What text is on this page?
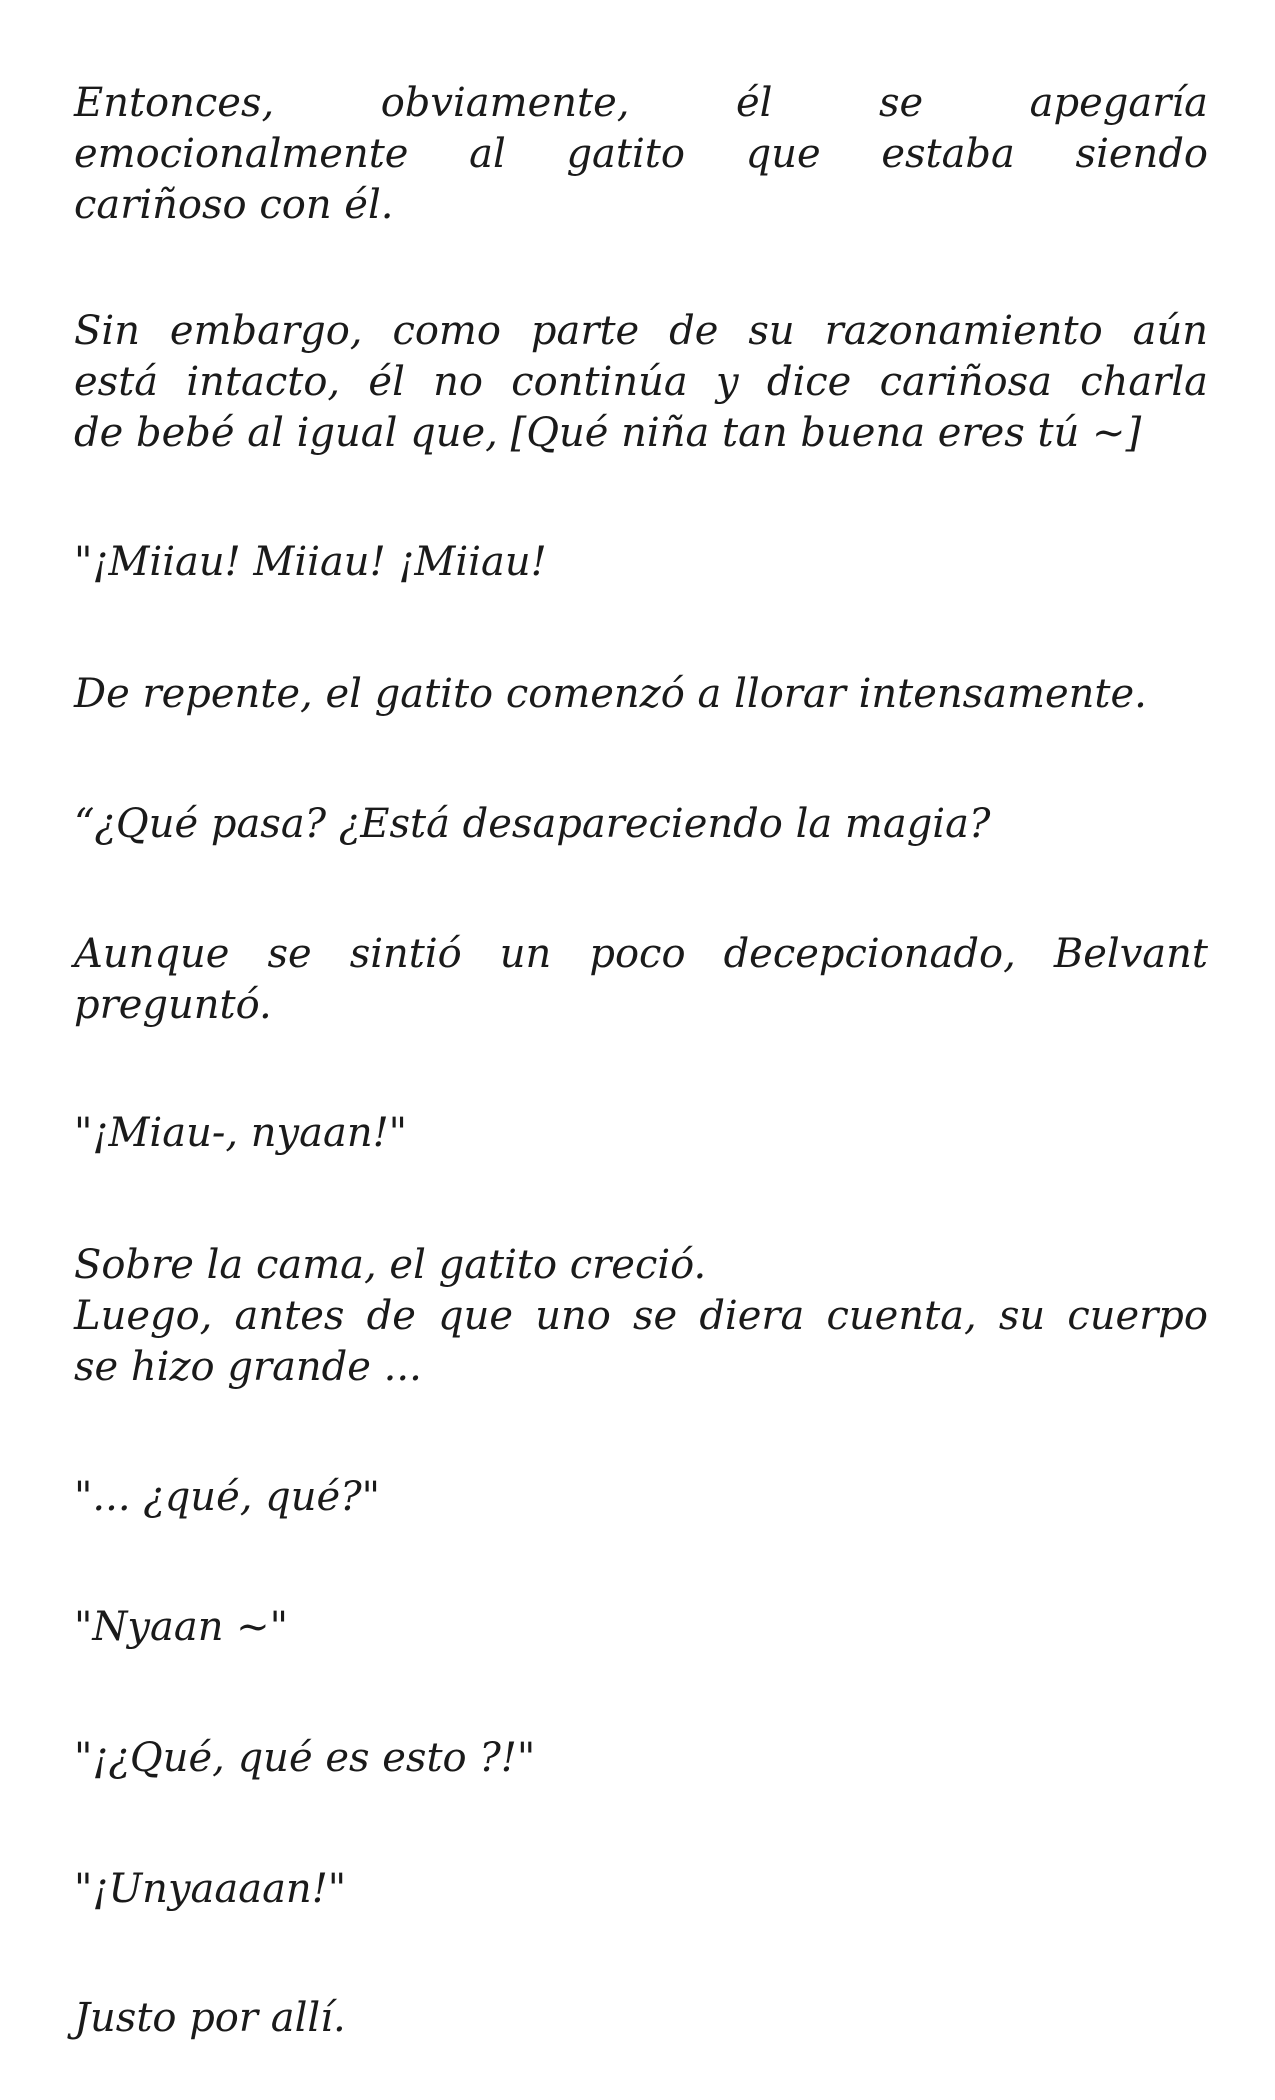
Entonces, obviamente, él se apegaría
emocionalmente al gatito que estaba siendo
cariñoso con él.

Sin embargo, como parte de su razonamiento aún
está intacto, él no continúa y dice cariñosa charla
de bebé al igual que, [Qué niña tan buena eres tú ~]

"¡Miiau! Miiau! ¡Miiau!

De repente, el gatito comenzó a llorar intensamente.

“¿Qué pasa? ¿Está desapareciendo la magia?

Aunque se sintió un poco decepcionado, Belvant
preguntó.

"¡Miau-, nyaan!"

Sobre la cama, el gatito creció.
Luego, antes de que uno se diera cuenta, su cuerpo
se hizo grande ...

"... ¿qué, qué?"

"Nyaan ~"

"¡¿Qué, qué es esto ?!"

"¡Unyaaaan!"

Justo por allí.
